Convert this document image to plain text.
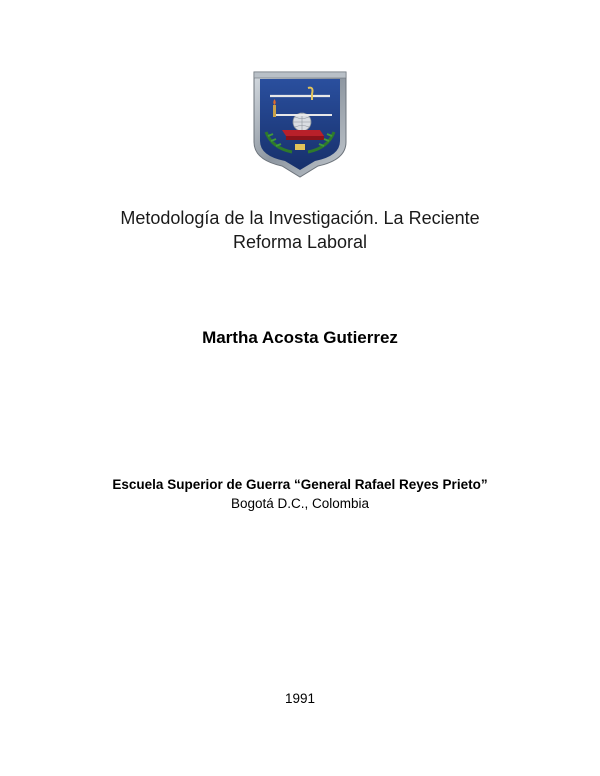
Metodología de la Investigación. La Reciente
Reforma Laboral
Martha Acosta Gutierrez
Escuela Superior de Guerra “General Rafael Reyes Prieto”
Bogotá D.C., Colombia
1991
